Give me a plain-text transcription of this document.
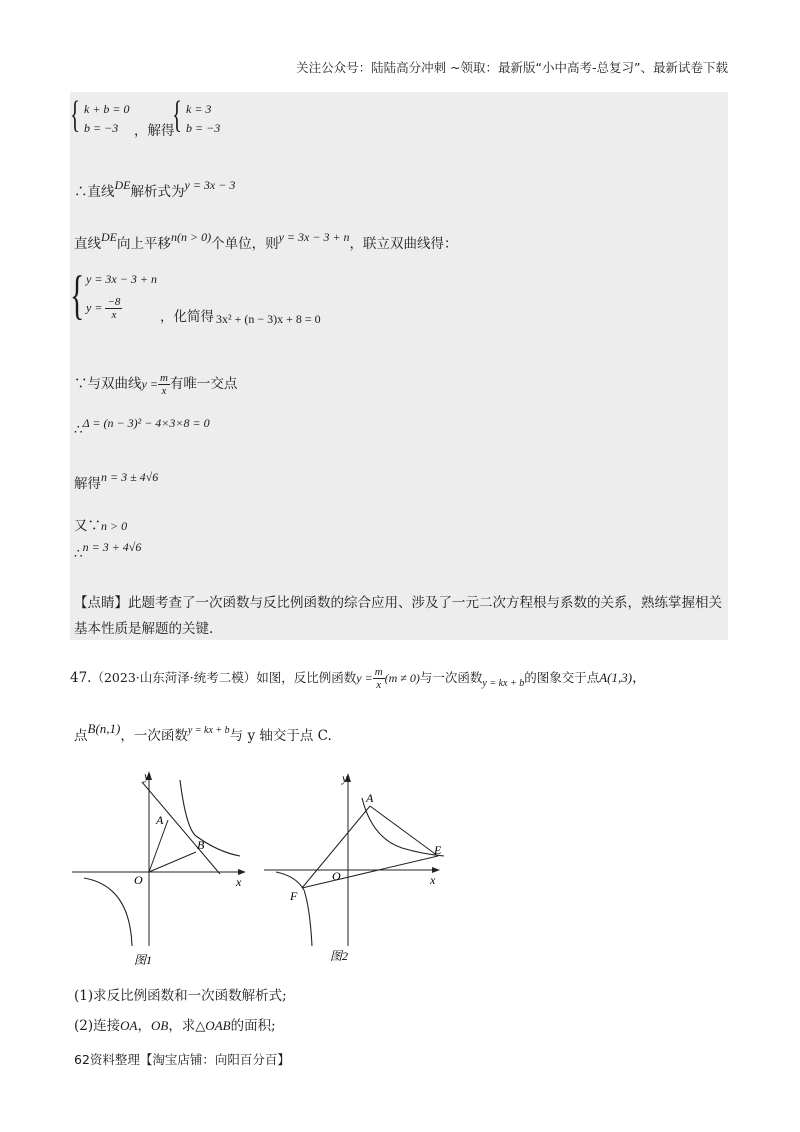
关注公众号：陆陆高分冲刺 ~领取：最新版“小中高考-总复习”、最新试卷下载
{ k + b = 0
b = −3 ，解得
{ k = 3
b = −3
∴直线DE解析式为y = 3x − 3
直线DE向上平移n(n > 0)个单位，则y = 3x − 3 + n，联立双曲线得：
{ y = 3x − 3 + n
$y = \frac{-8}{x}$	，化简得 3x² + (n − 3)x + 8 = 0
∵与双曲线$y = \frac{m}{x}$ 有唯一交点
∴Δ = (n − 3)² − 4×3×8 = 0
解得n = 3 ± 4√6
又∵n > 0
∴n = 3 + 4√6
【点睛】此题考查了一次函数与反比例函数的综合应用、涉及了一元二次方程根与系数的关系，熟练掌握相关基本性质是解题的关键.
47.（2023·山东菏泽·统考二模）如图，反比例函数$y = \frac{m}{x} (m \ne 0)$与一次函数$_{y = kx + b}$的图象交于点A(1,3)，
点B(n,1)，一次函数$^{y = kx + b}$与 y 轴交于点 C.
y
x
O
A
B
图1
y
x
O
A
E
F
图2
(1)求反比例函数和一次函数解析式;
(2)连接OA，OB，求△OAB的面积;
62资料整理【淘宝店铺：向阳百分百】
